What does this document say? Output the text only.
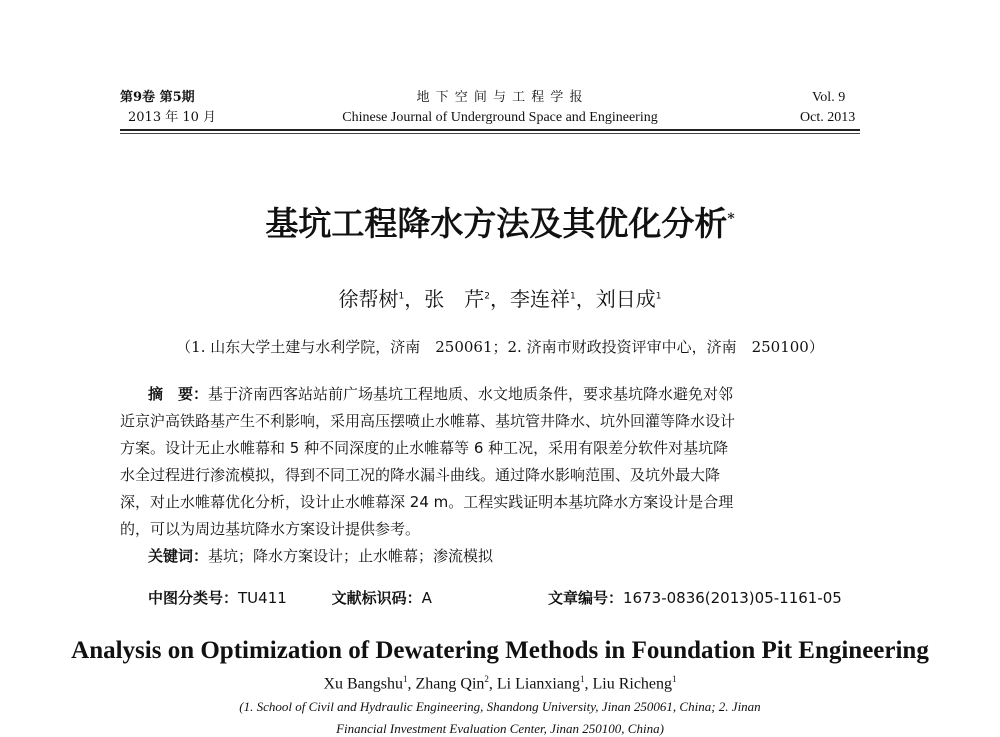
第9卷 第5期
2013 年 10 月
地 下 空 间 与 工 程 学 报
Chinese Journal of Underground Space and Engineering
Vol. 9
Oct. 2013
基坑工程降水方法及其优化分析*
徐帮树$^1$，张　芹$^2$，李连祥$^1$，刘日成$^1$
（1. 山东大学土建与水利学院，济南　250061；2. 济南市财政投资评审中心，济南　250100）
摘　要：基于济南西客站站前广场基坑工程地质、水文地质条件，要求基坑降水避免对邻
近京沪高铁路基产生不利影响，采用高压摆喷止水帷幕、基坑管井降水、坑外回灌等降水设计
方案。设计无止水帷幕和 5 种不同深度的止水帷幕等 6 种工况，采用有限差分软件对基坑降
水全过程进行渗流模拟，得到不同工况的降水漏斗曲线。通过降水影响范围、及坑外最大降
深，对止水帷幕优化分析，设计止水帷幕深 24 m。工程实践证明本基坑降水方案设计是合理
的，可以为周边基坑降水方案设计提供参考。
关键词：基坑；降水方案设计；止水帷幕；渗流模拟
中图分类号：TU411	文献标识码：A	文章编号：1673-0836(2013)05-1161-05
Analysis on Optimization of Dewatering Methods in Foundation Pit Engineering
Xu Bangshu$^1$, Zhang Qin$^2$, Li Lianxiang$^1$, Liu Richeng$^1$
(1. School of Civil and Hydraulic Engineering, Shandong University, Jinan 250061, China; 2. Jinan
Financial Investment Evaluation Center, Jinan 250100, China)
